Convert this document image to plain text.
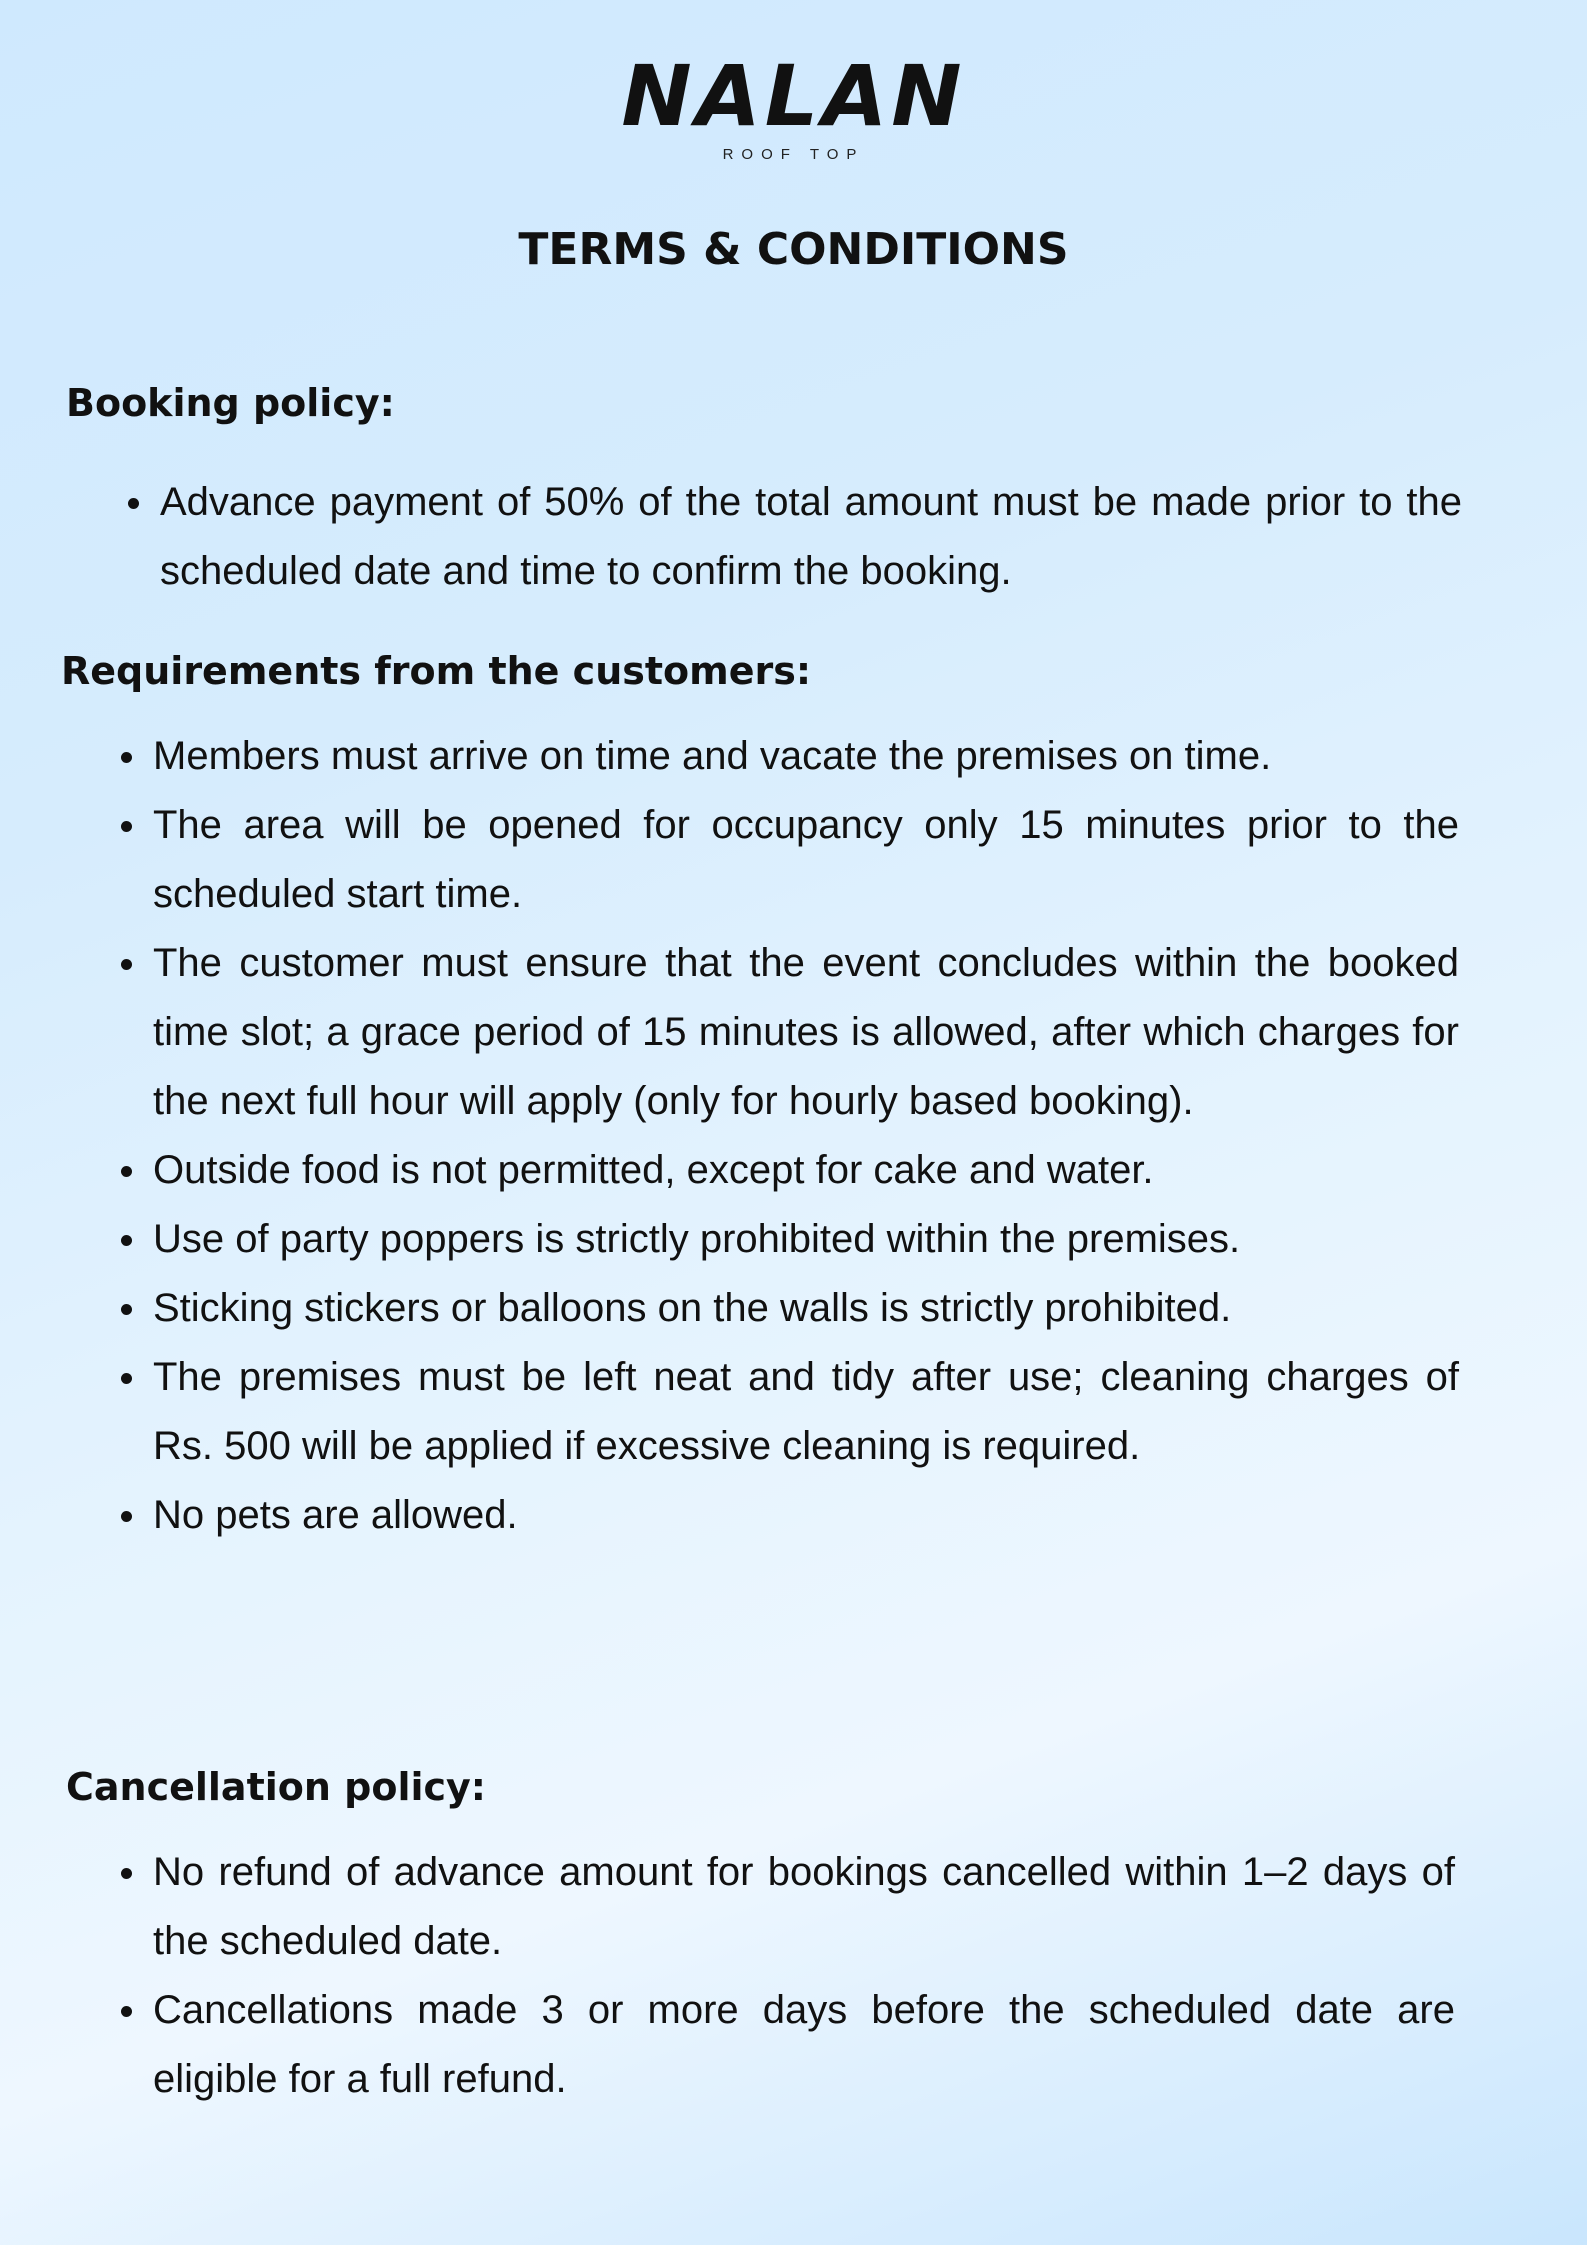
NALAN
ROOF TOP
TERMS & CONDITIONS
Booking policy:
Advance payment of 50% of the total amount must be made prior to the scheduled date and time to confirm the booking.
Requirements from the customers:
Members must arrive on time and vacate the premises on time.
The area will be opened for occupancy only 15 minutes prior to the scheduled start time.
The customer must ensure that the event concludes within the booked time slot; a grace period of 15 minutes is allowed, after which charges for the next full hour will apply (only for hourly based booking).
Outside food is not permitted, except for cake and water.
Use of party poppers is strictly prohibited within the premises.
Sticking stickers or balloons on the walls is strictly prohibited.
The premises must be left neat and tidy after use; cleaning charges of Rs. 500 will be applied if excessive cleaning is required.
No pets are allowed.
Cancellation policy:
No refund of advance amount for bookings cancelled within 1–2 days of the scheduled date.
Cancellations made 3 or more days before the scheduled date are eligible for a full refund.
